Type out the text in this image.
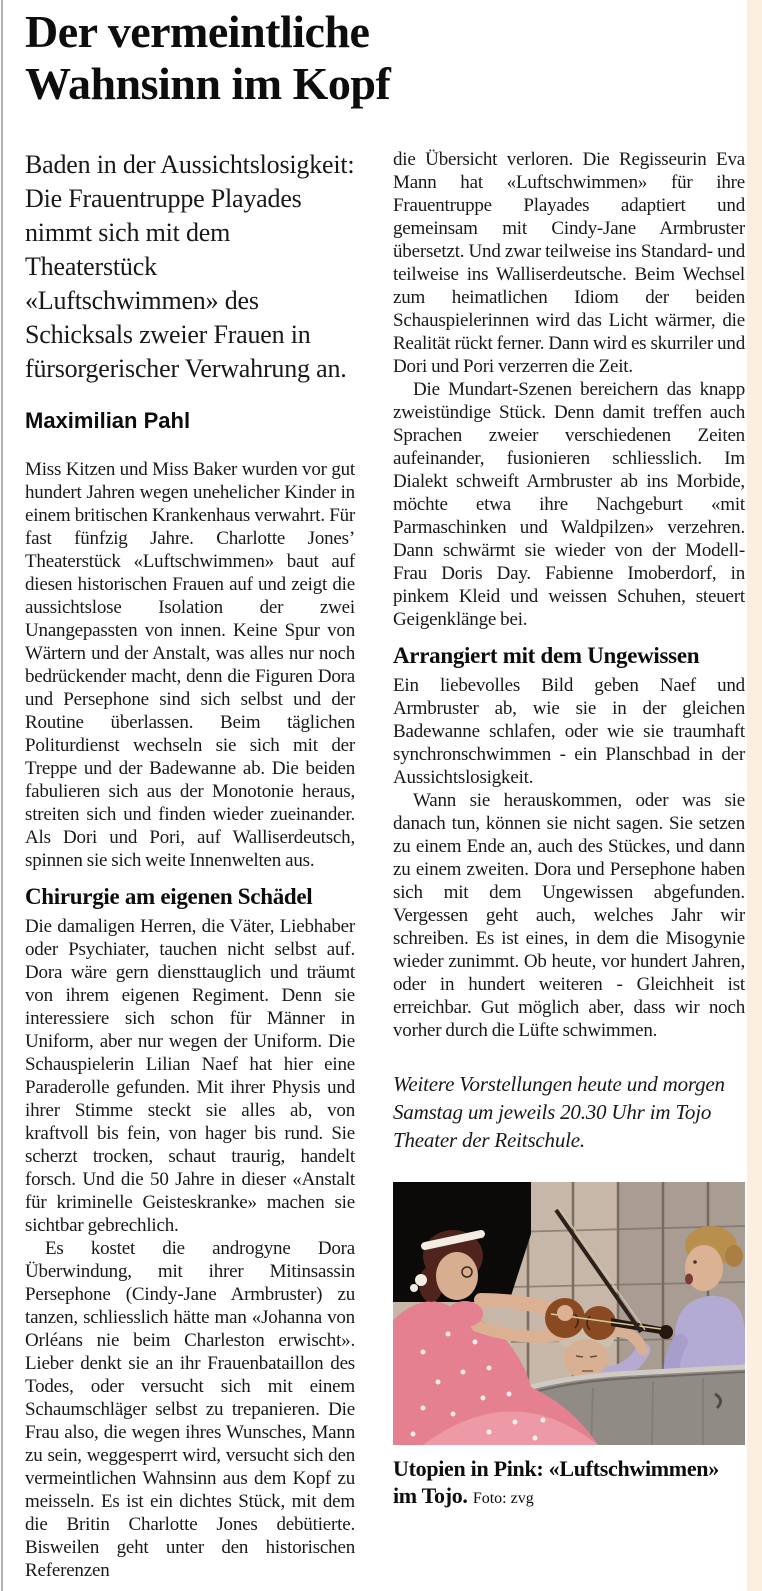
Der vermeintliche Wahnsinn im Kopf

Baden in der Aussichtslosigkeit: Die Frauentruppe Playades nimmt sich mit dem Theaterstück «Luftschwimmen» des Schicksals zweier Frauen in fürsorgerischer Verwahrung an.

Maximilian Pahl

Miss Kitzen und Miss Baker wurden vor gut hundert Jahren wegen unehelicher Kinder in einem britischen Krankenhaus verwahrt. Für fast fünfzig Jahre. Charlotte Jones’ Theaterstück «Luftschwimmen» baut auf diesen historischen Frauen auf und zeigt die aussichtslose Isolation der zwei Unangepassten von innen. Keine Spur von Wärtern und der Anstalt, was alles nur noch bedrückender macht, denn die Figuren Dora und Persephone sind sich selbst und der Routine überlassen. Beim täglichen Politurdienst wechseln sie sich mit der Treppe und der Badewanne ab. Die beiden fabulieren sich aus der Monotonie heraus, streiten sich und finden wieder zueinander. Als Dori und Pori, auf Walliserdeutsch, spinnen sie sich weite Innenwelten aus.

Chirurgie am eigenen Schädel

Die damaligen Herren, die Väter, Liebhaber oder Psychiater, tauchen nicht selbst auf. Dora wäre gern diensttauglich und träumt von ihrem eigenen Regiment. Denn sie interessiere sich schon für Männer in Uniform, aber nur wegen der Uniform. Die Schauspielerin Lilian Naef hat hier eine Paraderolle gefunden. Mit ihrer Physis und ihrer Stimme steckt sie alles ab, von kraftvoll bis fein, von hager bis rund. Sie scherzt trocken, schaut traurig, handelt forsch. Und die 50 Jahre in dieser «Anstalt für kriminelle Geisteskranke» machen sie sichtbar gebrechlich.

Es kostet die androgyne Dora Überwindung, mit ihrer Mitinsassin Persephone (Cindy-Jane Armbruster) zu tanzen, schliesslich hätte man «Johanna von Orléans nie beim Charleston erwischt». Lieber denkt sie an ihr Frauenbataillon des Todes, oder versucht sich mit einem Schaumschläger selbst zu trepanieren. Die Frau also, die wegen ihres Wunsches, Mann zu sein, weggesperrt wird, versucht sich den vermeintlichen Wahnsinn aus dem Kopf zu meisseln. Es ist ein dichtes Stück, mit dem die Britin Charlotte Jones debütierte. Bisweilen geht unter den historischen Referenzen

die Übersicht verloren. Die Regisseurin Eva Mann hat «Luftschwimmen» für ihre Frauentruppe Playades adaptiert und gemeinsam mit Cindy-Jane Armbruster übersetzt. Und zwar teilweise ins Standard- und teilweise ins Walliserdeutsche. Beim Wechsel zum heimatlichen Idiom der beiden Schauspielerinnen wird das Licht wärmer, die Realität rückt ferner. Dann wird es skurriler und Dori und Pori verzerren die Zeit.

Die Mundart-Szenen bereichern das knapp zweistündige Stück. Denn damit treffen auch Sprachen zweier verschiedenen Zeiten aufeinander, fusionieren schliesslich. Im Dialekt schweift Armbruster ab ins Morbide, möchte etwa ihre Nachgeburt «mit Parmaschinken und Waldpilzen» verzehren. Dann schwärmt sie wieder von der Modell-Frau Doris Day. Fabienne Imoberdorf, in pinkem Kleid und weissen Schuhen, steuert Geigenklänge bei.

Arrangiert mit dem Ungewissen

Ein liebevolles Bild geben Naef und Armbruster ab, wie sie in der gleichen Badewanne schlafen, oder wie sie traumhaft synchronschwimmen - ein Planschbad in der Aussichtslosigkeit.

Wann sie herauskommen, oder was sie danach tun, können sie nicht sagen. Sie setzen zu einem Ende an, auch des Stückes, und dann zu einem zweiten. Dora und Persephone haben sich mit dem Ungewissen abgefunden. Vergessen geht auch, welches Jahr wir schreiben. Es ist eines, in dem die Misogynie wieder zunimmt. Ob heute, vor hundert Jahren, oder in hundert weiteren - Gleichheit ist erreichbar. Gut möglich aber, dass wir noch vorher durch die Lüfte schwimmen.

Weitere Vorstellungen heute und morgen Samstag um jeweils 20.30 Uhr im Tojo Theater der Reitschule.

Utopien in Pink: «Luftschwimmen» im Tojo. Foto: zvg
